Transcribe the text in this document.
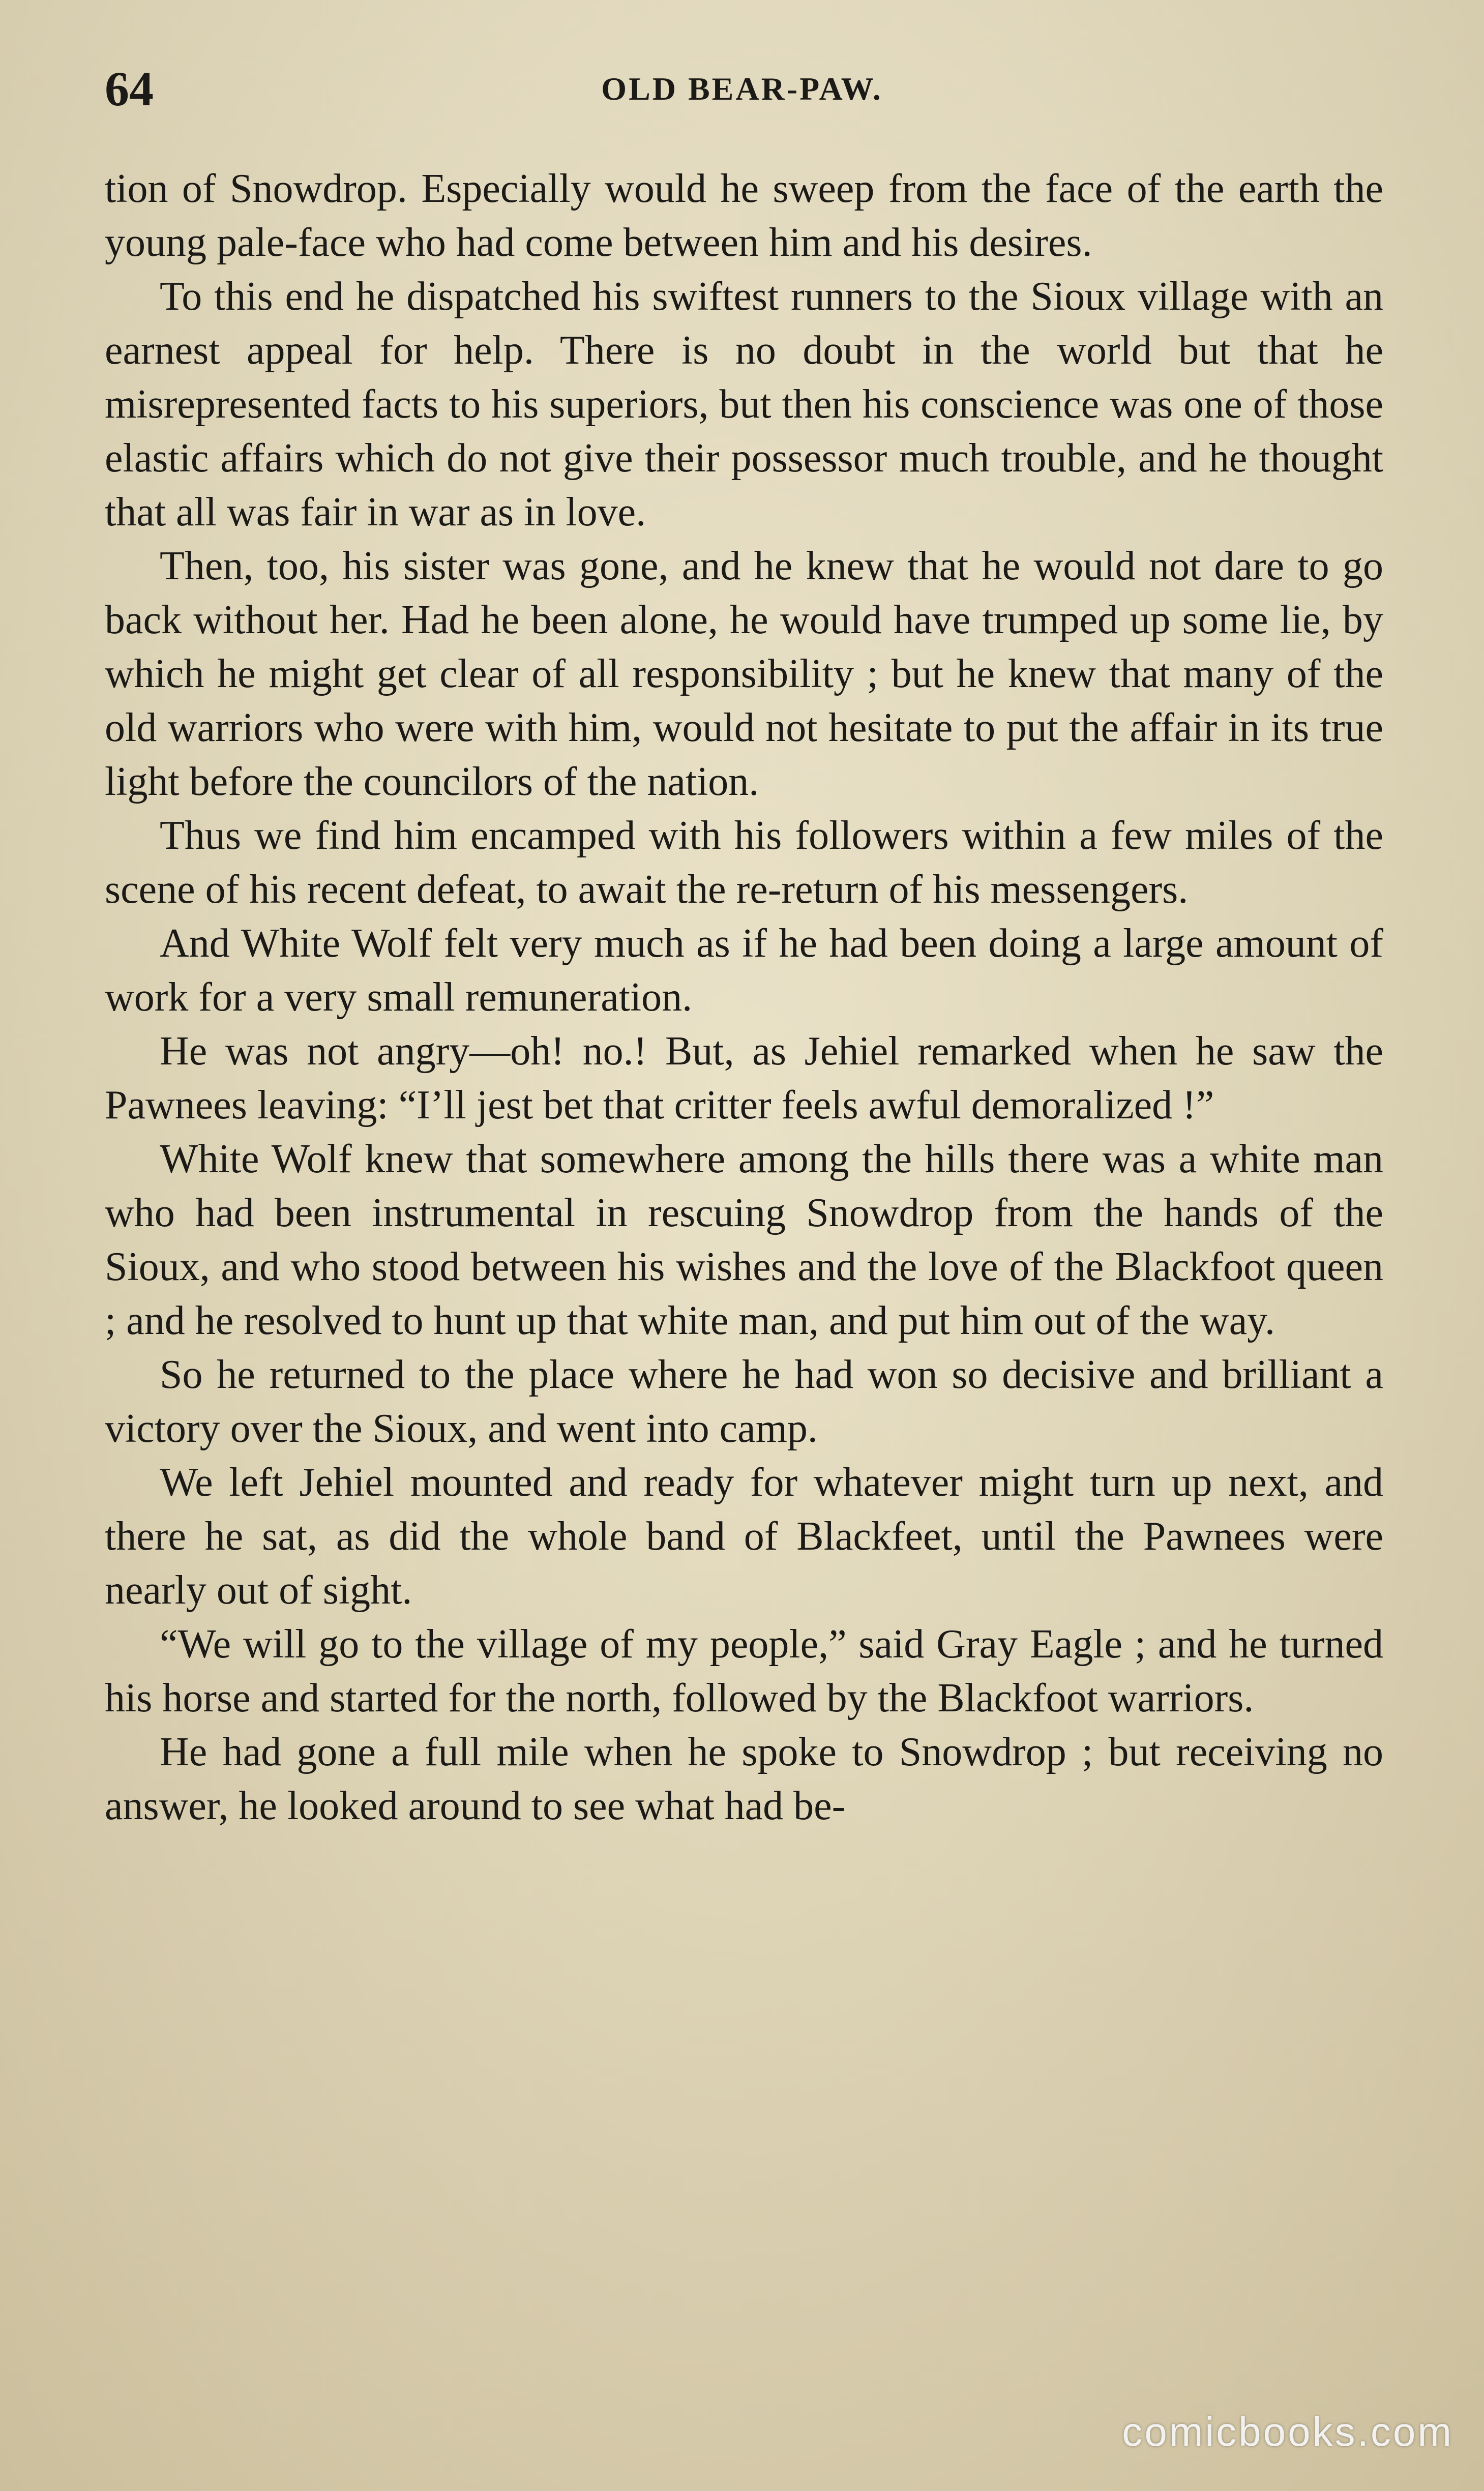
64	OLD BEAR-PAW.

tion of Snowdrop. Especially would he sweep from the face of the earth the young pale-face who had come between him and his desires.

To this end he dispatched his swiftest runners to the Sioux village with an earnest appeal for help. There is no doubt in the world but that he misrepresented facts to his superiors, but then his conscience was one of those elastic affairs which do not give their possessor much trouble, and he thought that all was fair in war as in love.

Then, too, his sister was gone, and he knew that he would not dare to go back without her. Had he been alone, he would have trumped up some lie, by which he might get clear of all responsibility ; but he knew that many of the old warriors who were with him, would not hesitate to put the affair in its true light before the councilors of the nation.

Thus we find him encamped with his followers within a few miles of the scene of his recent defeat, to await the re-return of his messengers.

And White Wolf felt very much as if he had been doing a large amount of work for a very small remuneration.

He was not angry—oh! no.! But, as Jehiel remarked when he saw the Pawnees leaving: “I’ll jest bet that critter feels awful demoralized !”

White Wolf knew that somewhere among the hills there was a white man who had been instrumental in rescuing Snowdrop from the hands of the Sioux, and who stood between his wishes and the love of the Blackfoot queen ; and he resolved to hunt up that white man, and put him out of the way.

So he returned to the place where he had won so decisive and brilliant a victory over the Sioux, and went into camp.

We left Jehiel mounted and ready for whatever might turn up next, and there he sat, as did the whole band of Blackfeet, until the Pawnees were nearly out of sight.

“We will go to the village of my people,” said Gray Eagle ; and he turned his horse and started for the north, followed by the Blackfoot warriors.

He had gone a full mile when he spoke to Snowdrop ; but receiving no answer, he looked around to see what had be-

comicbooks.com
